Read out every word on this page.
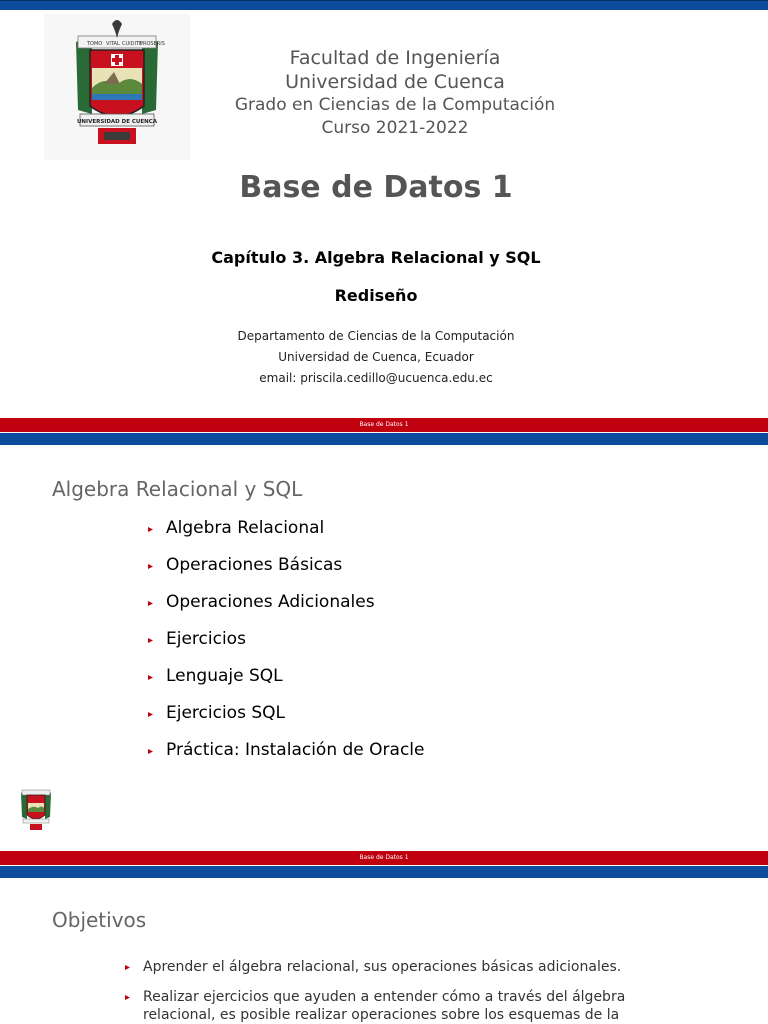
TOMO VITAL CUIDITE
PROSERIS
UNIVERSIDAD DE CUENCA
Facultad de Ingeniería
Universidad de Cuenca
Grado en Ciencias de la Computación
Curso 2021-2022
Base de Datos 1
Capítulo 3. Algebra Relacional y SQL
Rediseño
Departamento de Ciencias de la Computación
Universidad de Cuenca, Ecuador
email: priscila.cedillo@ucuenca.edu.ec
Base de Datos 1
Algebra Relacional y SQL
Algebra Relacional
Operaciones Básicas
Operaciones Adicionales
Ejercicios
Lenguaje SQL
Ejercicios SQL
Práctica: Instalación de Oracle
Base de Datos 1
Objetivos
Aprender el álgebra relacional, sus operaciones básicas adicionales.
Realizar ejercicios que ayuden a entender cómo a través del álgebra relacional, es posible realizar operaciones sobre los esquemas de la
